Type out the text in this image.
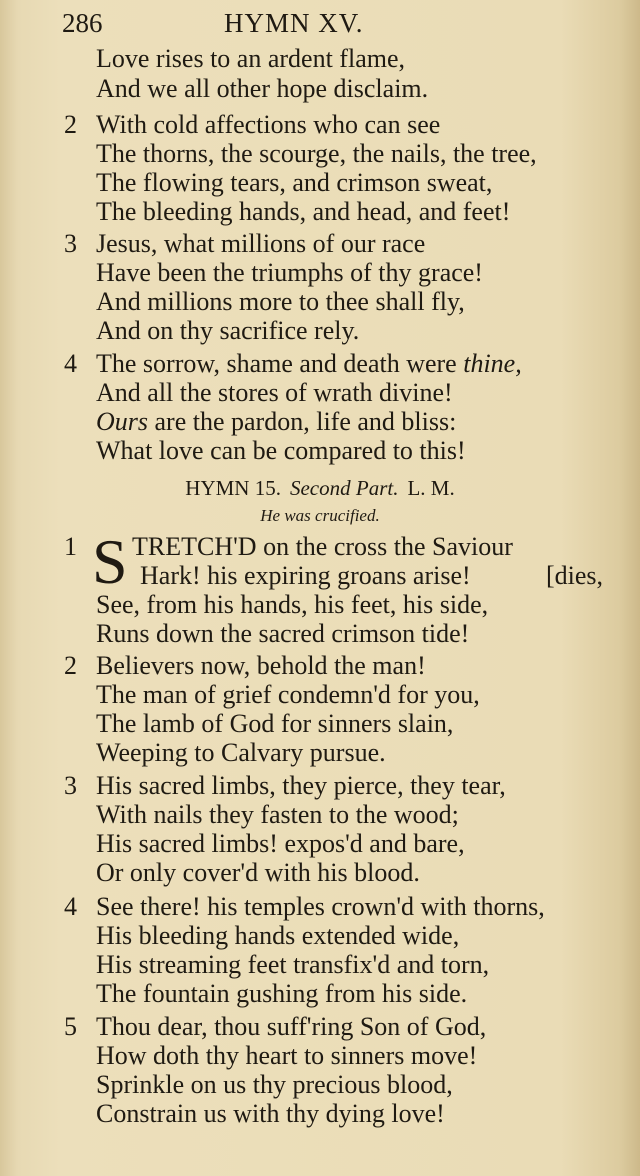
286	HYMN XV.
Love rises to an ardent flame,
And we all other hope disclaim.
2 With cold affections who can see
The thorns, the scourge, the nails, the tree,
The flowing tears, and crimson sweat,
The bleeding hands, and head, and feet!
3 Jesus, what millions of our race
Have been the triumphs of thy grace!
And millions more to thee shall fly,
And on thy sacrifice rely.
4 The sorrow, shame and death were thine,
And all the stores of wrath divine!
Ours are the pardon, life and bliss:
What love can be compared to this!
HYMN 15. Second Part. L. M.
He was crucified.
1 S TRETCH'D on the cross the Saviour
Hark! his expiring groans arise!	[dies,
See, from his hands, his feet, his side,
Runs down the sacred crimson tide!
2 Believers now, behold the man!
The man of grief condemn'd for you,
The lamb of God for sinners slain,
Weeping to Calvary pursue.
3 His sacred limbs, they pierce, they tear,
With nails they fasten to the wood;
His sacred limbs! expos'd and bare,
Or only cover'd with his blood.
4 See there! his temples crown'd with thorns,
His bleeding hands extended wide,
His streaming feet transfix'd and torn,
The fountain gushing from his side.
5 Thou dear, thou suff'ring Son of God,
How doth thy heart to sinners move!
Sprinkle on us thy precious blood,
Constrain us with thy dying love!
